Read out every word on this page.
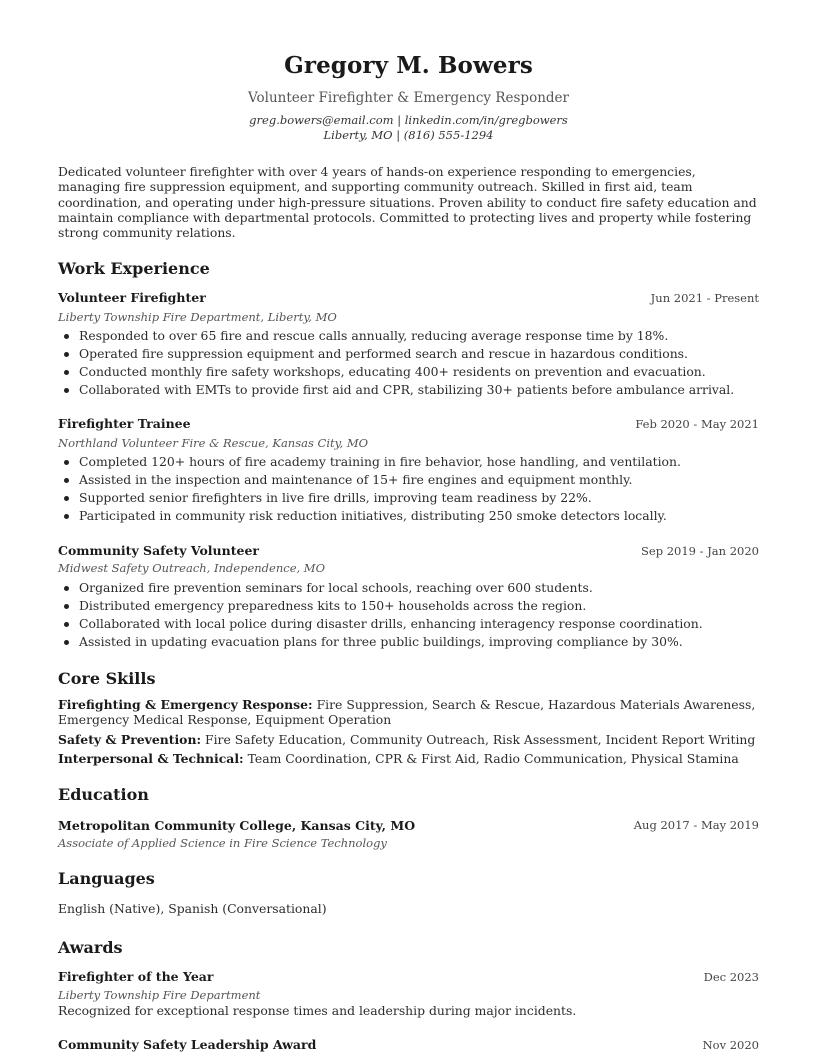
Gregory M. Bowers
Volunteer Firefighter & Emergency Responder
greg.bowers@email.com | linkedin.com/in/gregbowers
Liberty, MO | (816) 555-1294
Dedicated volunteer firefighter with over 4 years of hands-on experience responding to emergencies, managing fire suppression equipment, and supporting community outreach. Skilled in first aid, team coordination, and operating under high-pressure situations. Proven ability to conduct fire safety education and maintain compliance with departmental protocols. Committed to protecting lives and property while fostering strong community relations.
Work Experience
Volunteer Firefighter	Jun 2021 - Present
Liberty Township Fire Department, Liberty, MO
Responded to over 65 fire and rescue calls annually, reducing average response time by 18%.
Operated fire suppression equipment and performed search and rescue in hazardous conditions.
Conducted monthly fire safety workshops, educating 400+ residents on prevention and evacuation.
Collaborated with EMTs to provide first aid and CPR, stabilizing 30+ patients before ambulance arrival.
Firefighter Trainee	Feb 2020 - May 2021
Northland Volunteer Fire & Rescue, Kansas City, MO
Completed 120+ hours of fire academy training in fire behavior, hose handling, and ventilation.
Assisted in the inspection and maintenance of 15+ fire engines and equipment monthly.
Supported senior firefighters in live fire drills, improving team readiness by 22%.
Participated in community risk reduction initiatives, distributing 250 smoke detectors locally.
Community Safety Volunteer	Sep 2019 - Jan 2020
Midwest Safety Outreach, Independence, MO
Organized fire prevention seminars for local schools, reaching over 600 students.
Distributed emergency preparedness kits to 150+ households across the region.
Collaborated with local police during disaster drills, enhancing interagency response coordination.
Assisted in updating evacuation plans for three public buildings, improving compliance by 30%.
Core Skills
Firefighting & Emergency Response: Fire Suppression, Search & Rescue, Hazardous Materials Awareness, Emergency Medical Response, Equipment Operation
Safety & Prevention: Fire Safety Education, Community Outreach, Risk Assessment, Incident Report Writing
Interpersonal & Technical: Team Coordination, CPR & First Aid, Radio Communication, Physical Stamina
Education
Metropolitan Community College, Kansas City, MO	Aug 2017 - May 2019
Associate of Applied Science in Fire Science Technology
Languages
English (Native), Spanish (Conversational)
Awards
Firefighter of the Year	Dec 2023
Liberty Township Fire Department
Recognized for exceptional response times and leadership during major incidents.
Community Safety Leadership Award	Nov 2020
